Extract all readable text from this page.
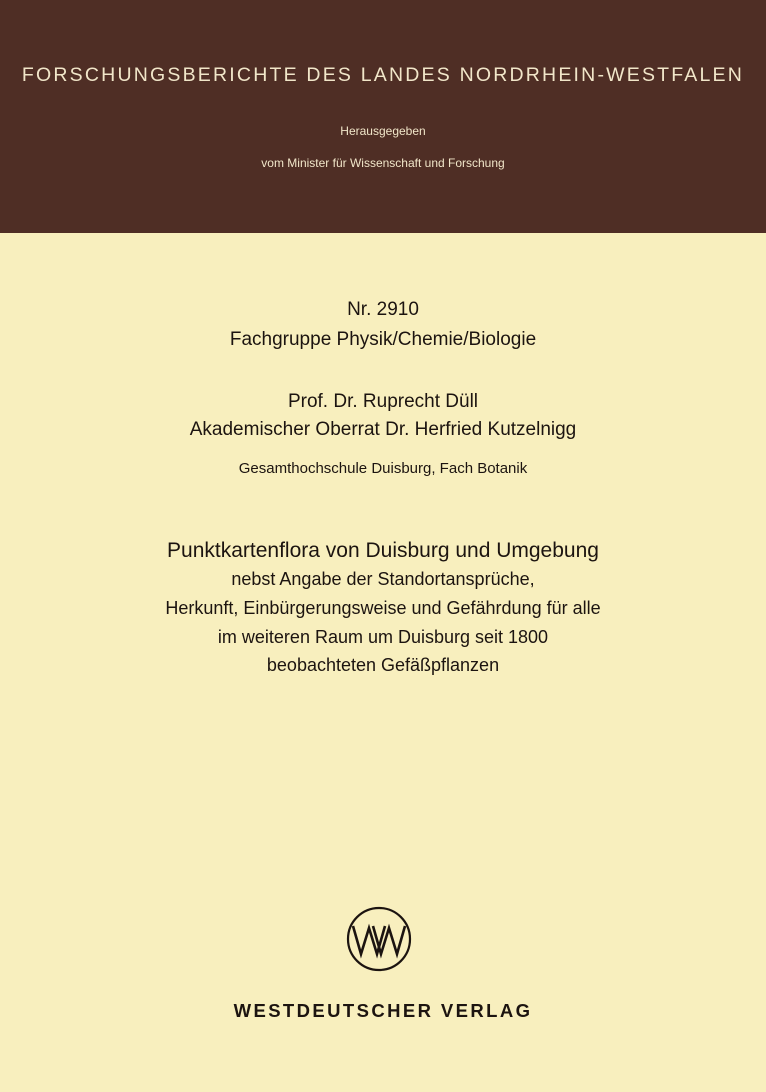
FORSCHUNGSBERICHTE DES LANDES NORDRHEIN-WESTFALEN
Herausgegeben
vom Minister für Wissenschaft und Forschung
Nr. 2910
Fachgruppe Physik/Chemie/Biologie
Prof. Dr. Ruprecht Düll
Akademischer Oberrat Dr. Herfried Kutzelnigg
Gesamthochschule Duisburg, Fach Botanik
Punktkartenflora von Duisburg und Umgebung
nebst Angabe der Standortansprüche,
Herkunft, Einbürgerungsweise und Gefährdung für alle
im weiteren Raum um Duisburg seit 1800
beobachteten Gefäßpflanzen
WESTDEUTSCHER VERLAG
